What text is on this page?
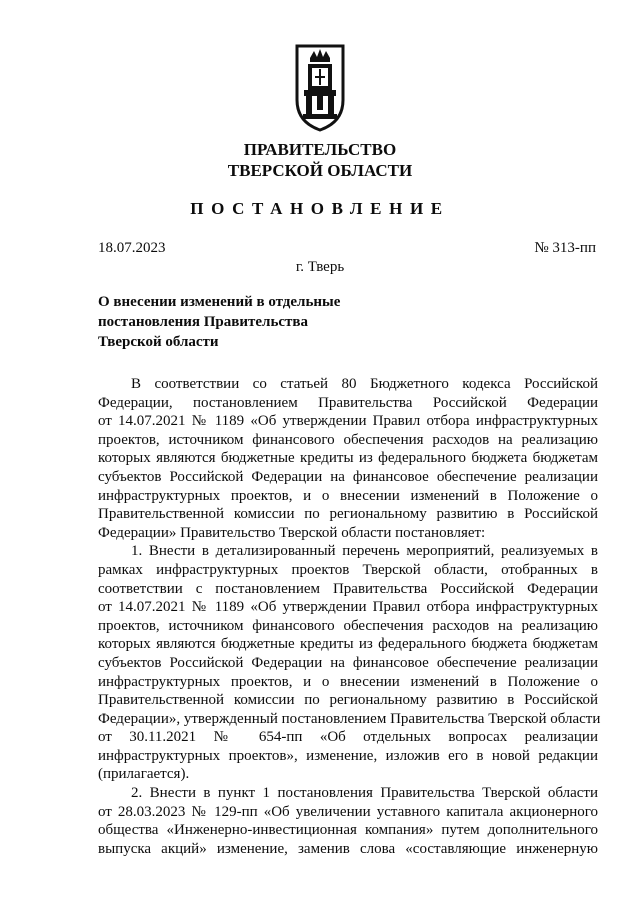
ПРАВИТЕЛЬСТВО
ТВЕРСКОЙ ОБЛАСТИ
ПОСТАНОВЛЕНИЕ
18.07.2023	№ 313-пп
г. Тверь
О внесении изменений в отдельные
постановления Правительства
Тверской области
В соответствии со статьей 80 Бюджетного кодекса Российской
Федерации, постановлением Правительства Российской Федерации
от 14.07.2021 № 1189 «Об утверждении Правил отбора инфраструктурных
проектов, источником финансового обеспечения расходов на реализацию
которых являются бюджетные кредиты из федерального бюджета бюджетам
субъектов Российской Федерации на финансовое обеспечение реализации
инфраструктурных проектов, и о внесении изменений в Положение о
Правительственной комиссии по региональному развитию в Российской
Федерации» Правительство Тверской области постановляет:
1. Внести в детализированный перечень мероприятий, реализуемых в
рамках инфраструктурных проектов Тверской области, отобранных в
соответствии с постановлением Правительства Российской Федерации
от 14.07.2021 № 1189 «Об утверждении Правил отбора инфраструктурных
проектов, источником финансового обеспечения расходов на реализацию
которых являются бюджетные кредиты из федерального бюджета бюджетам
субъектов Российской Федерации на финансовое обеспечение реализации
инфраструктурных проектов, и о внесении изменений в Положение о
Правительственной комиссии по региональному развитию в Российской
Федерации», утвержденный постановлением Правительства Тверской области
от 30.11.2021 № 654-пп «Об отдельных вопросах реализации
инфраструктурных проектов», изменение, изложив его в новой редакции
(прилагается).
2. Внести в пункт 1 постановления Правительства Тверской области
от 28.03.2023 № 129-пп «Об увеличении уставного капитала акционерного
общества «Инженерно-инвестиционная компания» путем дополнительного
выпуска акций» изменение, заменив слова «составляющие инженерную
